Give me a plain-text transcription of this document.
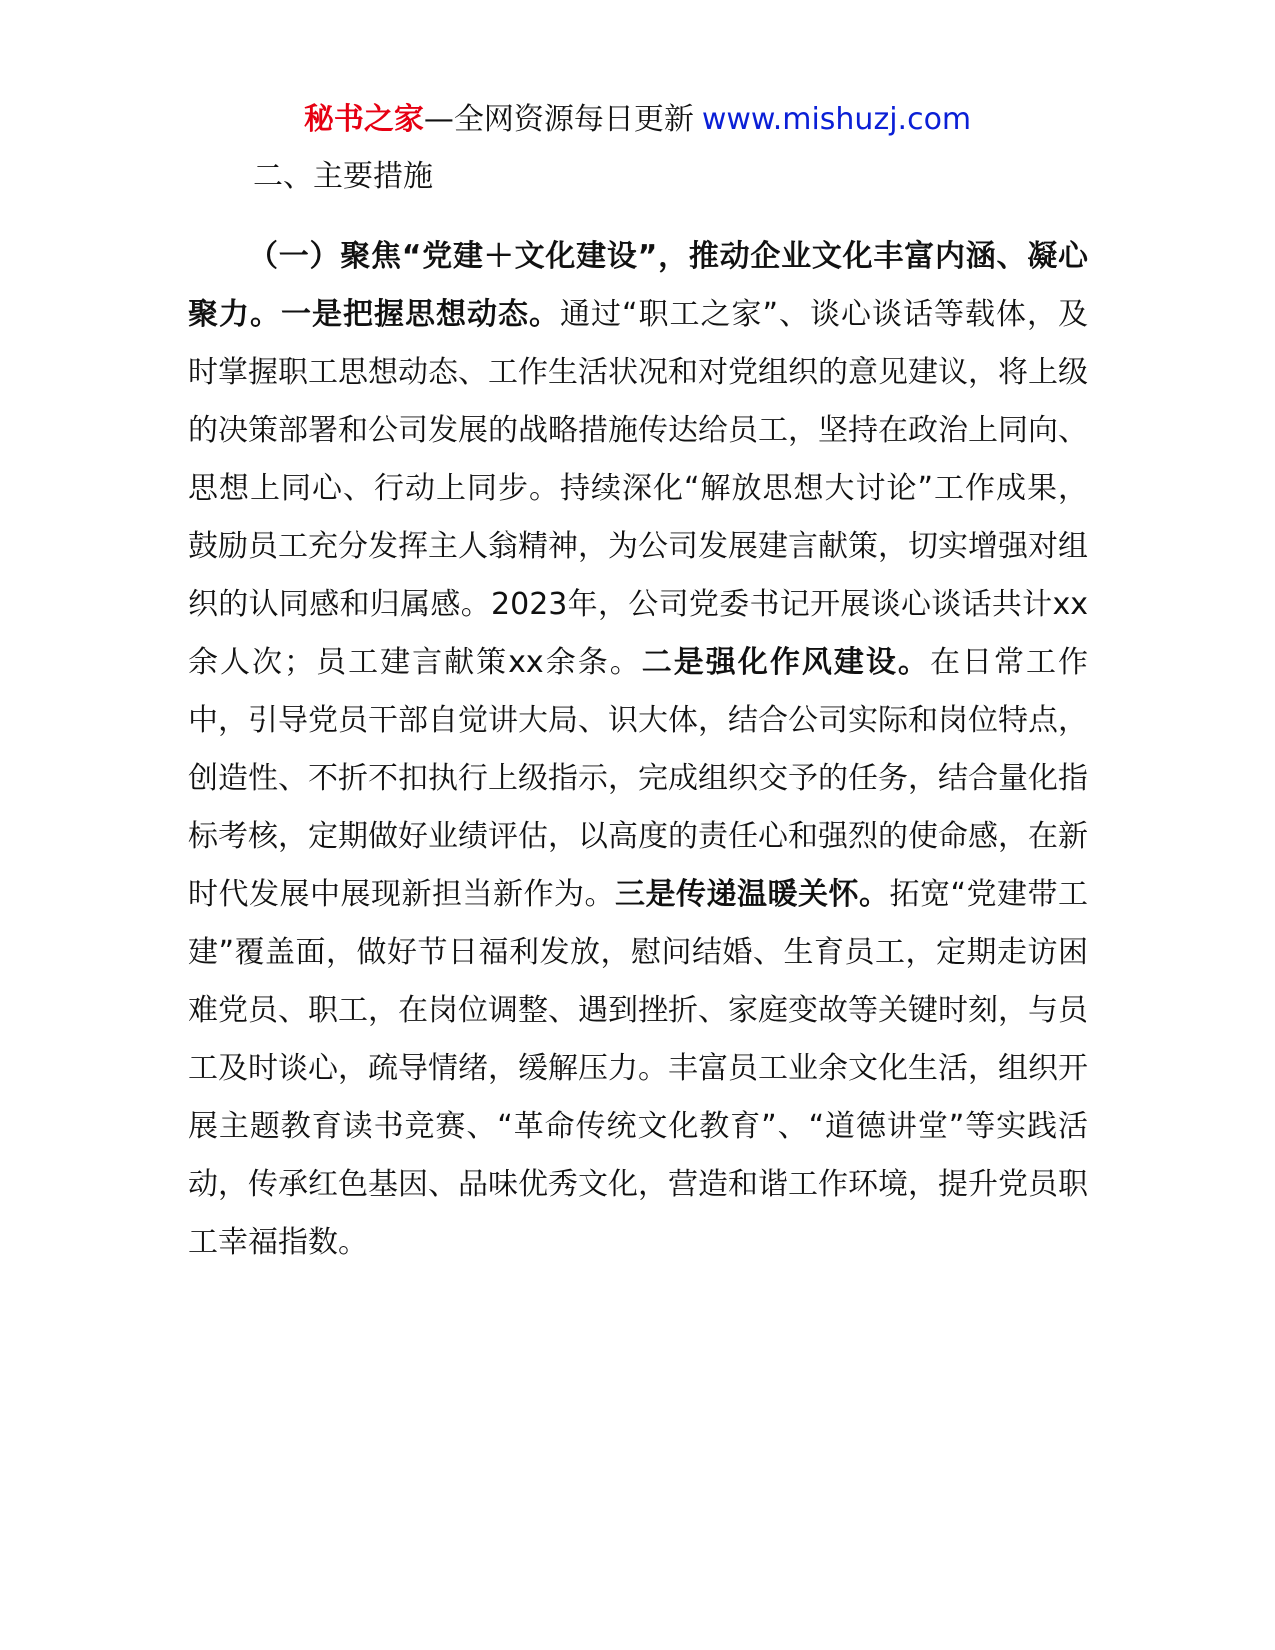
秘书之家—全网资源每日更新 www.mishuzj.com
二、主要措施

（一）聚焦“党建＋文化建设”，推动企业文化丰富内涵、凝心聚力。一是把握思想动态。通过“职工之家”、谈心谈话等载体，及时掌握职工思想动态、工作生活状况和对党组织的意见建议，将上级的决策部署和公司发展的战略措施传达给员工，坚持在政治上同向、思想上同心、行动上同步。持续深化“解放思想大讨论”工作成果，鼓励员工充分发挥主人翁精神，为公司发展建言献策，切实增强对组织的认同感和归属感。2023年，公司党委书记开展谈心谈话共计xx余人次；员工建言献策xx余条。二是强化作风建设。在日常工作中，引导党员干部自觉讲大局、识大体，结合公司实际和岗位特点，创造性、不折不扣执行上级指示，完成组织交予的任务，结合量化指标考核，定期做好业绩评估，以高度的责任心和强烈的使命感，在新时代发展中展现新担当新作为。三是传递温暖关怀。拓宽“党建带工建”覆盖面，做好节日福利发放，慰问结婚、生育员工，定期走访困难党员、职工，在岗位调整、遇到挫折、家庭变故等关键时刻，与员工及时谈心，疏导情绪，缓解压力。丰富员工业余文化生活，组织开展主题教育读书竞赛、“革命传统文化教育”、“道德讲堂”等实践活动，传承红色基因、品味优秀文化，营造和谐工作环境，提升党员职工幸福指数。
